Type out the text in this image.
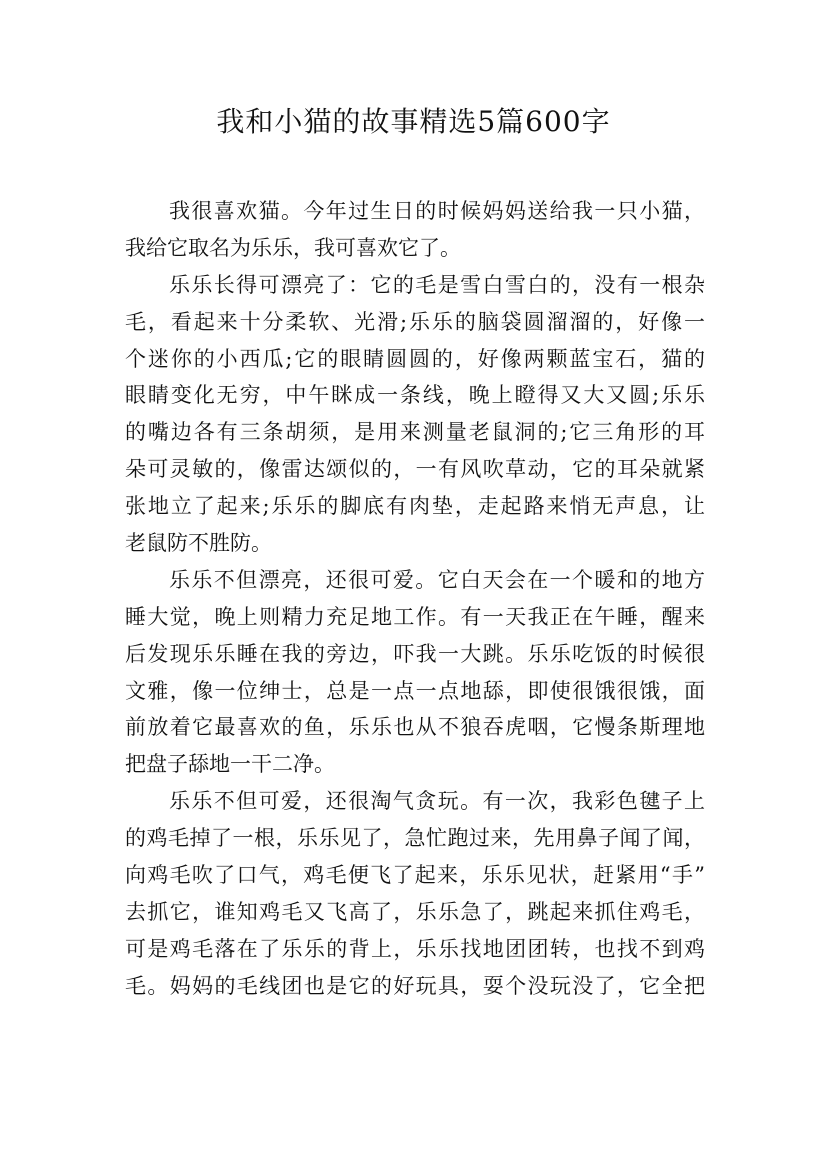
我和小猫的故事精选5篇600字
我很喜欢猫。今年过生日的时候妈妈送给我一只小猫，
我给它取名为乐乐，我可喜欢它了。
乐乐长得可漂亮了：它的毛是雪白雪白的，没有一根杂
毛，看起来十分柔软、光滑;乐乐的脑袋圆溜溜的，好像一
个迷你的小西瓜;它的眼睛圆圆的，好像两颗蓝宝石，猫的
眼睛变化无穷，中午眯成一条线，晚上瞪得又大又圆;乐乐
的嘴边各有三条胡须，是用来测量老鼠洞的;它三角形的耳
朵可灵敏的，像雷达颂似的，一有风吹草动，它的耳朵就紧
张地立了起来;乐乐的脚底有肉垫，走起路来悄无声息，让
老鼠防不胜防。
乐乐不但漂亮，还很可爱。它白天会在一个暖和的地方
睡大觉，晚上则精力充足地工作。有一天我正在午睡，醒来
后发现乐乐睡在我的旁边，吓我一大跳。乐乐吃饭的时候很
文雅，像一位绅士，总是一点一点地舔，即使很饿很饿，面
前放着它最喜欢的鱼，乐乐也从不狼吞虎咽，它慢条斯理地
把盘子舔地一干二净。
乐乐不但可爱，还很淘气贪玩。有一次，我彩色毽子上
的鸡毛掉了一根，乐乐见了，急忙跑过来，先用鼻子闻了闻，
向鸡毛吹了口气，鸡毛便飞了起来，乐乐见状，赶紧用“手”
去抓它，谁知鸡毛又飞高了，乐乐急了，跳起来抓住鸡毛，
可是鸡毛落在了乐乐的背上，乐乐找地团团转，也找不到鸡
毛。妈妈的毛线团也是它的好玩具，耍个没玩没了，它全把
